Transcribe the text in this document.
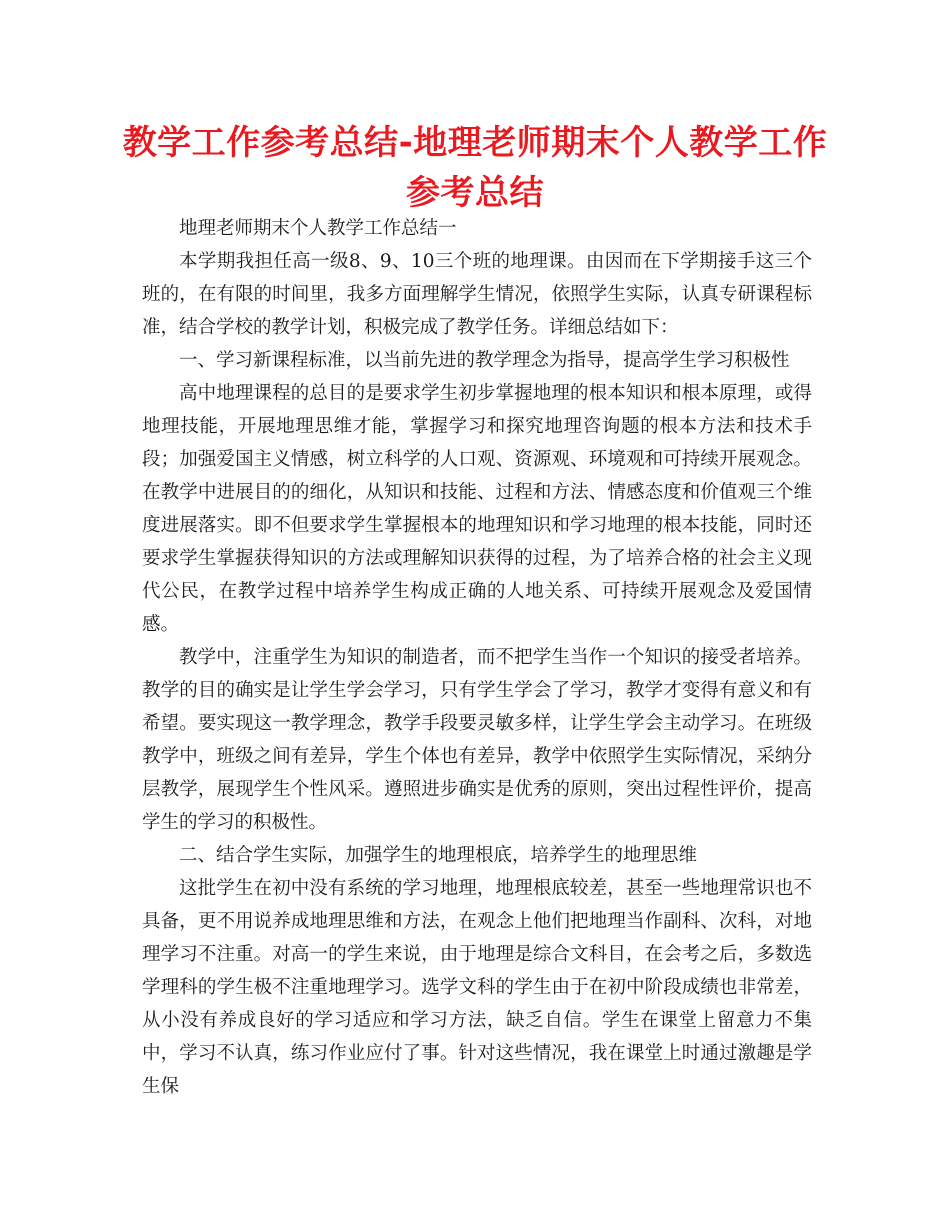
教学工作参考总结-地理老师期末个人教学工作参考总结

地理老师期末个人教学工作总结一

本学期我担任高一级8、9、10三个班的地理课。由因而在下学期接手这三个班的，在有限的时间里，我多方面理解学生情况，依照学生实际，认真专研课程标准，结合学校的教学计划，积极完成了教学任务。详细总结如下：

一、学习新课程标准，以当前先进的教学理念为指导，提高学生学习积极性

高中地理课程的总目的是要求学生初步掌握地理的根本知识和根本原理，或得地理技能，开展地理思维才能，掌握学习和探究地理咨询题的根本方法和技术手段；加强爱国主义情感，树立科学的人口观、资源观、环境观和可持续开展观念。在教学中进展目的的细化，从知识和技能、过程和方法、情感态度和价值观三个维度进展落实。即不但要求学生掌握根本的地理知识和学习地理的根本技能，同时还要求学生掌握获得知识的方法或理解知识获得的过程，为了培养合格的社会主义现代公民，在教学过程中培养学生构成正确的人地关系、可持续开展观念及爱国情感。

教学中，注重学生为知识的制造者，而不把学生当作一个知识的接受者培养。教学的目的确实是让学生学会学习，只有学生学会了学习，教学才变得有意义和有希望。要实现这一教学理念，教学手段要灵敏多样，让学生学会主动学习。在班级教学中，班级之间有差异，学生个体也有差异，教学中依照学生实际情况，采纳分层教学，展现学生个性风采。遵照进步确实是优秀的原则，突出过程性评价，提高学生的学习的积极性。

二、结合学生实际，加强学生的地理根底，培养学生的地理思维

这批学生在初中没有系统的学习地理，地理根底较差，甚至一些地理常识也不具备，更不用说养成地理思维和方法，在观念上他们把地理当作副科、次科，对地理学习不注重。对高一的学生来说，由于地理是综合文科目，在会考之后，多数选学理科的学生极不注重地理学习。选学文科的学生由于在初中阶段成绩也非常差，从小没有养成良好的学习适应和学习方法，缺乏自信。学生在课堂上留意力不集中，学习不认真，练习作业应付了事。针对这些情况，我在课堂上时通过激趣是学生保
